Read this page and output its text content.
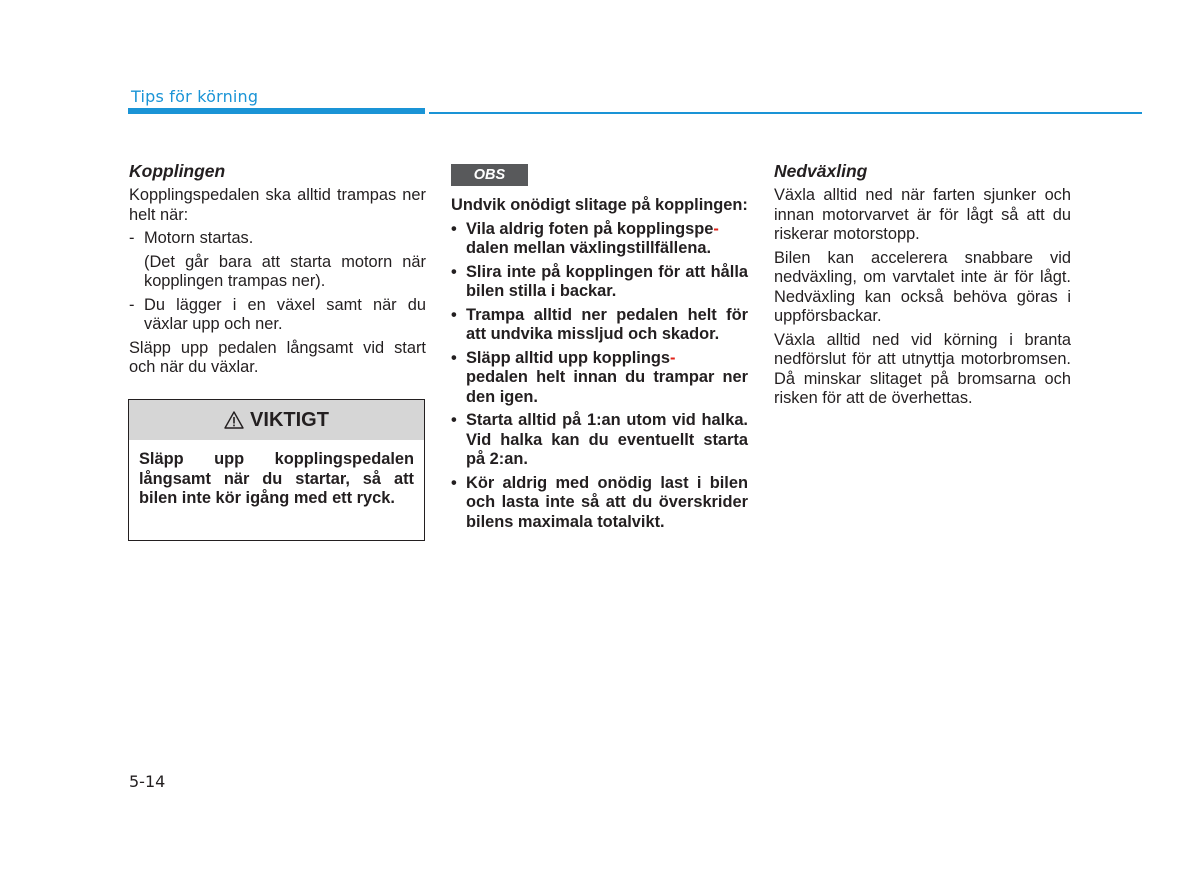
Tips för körning
Kopplingen

Kopplingspedalen ska alltid trampas ner helt när:

- Motorn startas.
(Det går bara att starta motorn när kopplingen trampas ner).
- Du lägger i en växel samt när du växlar upp och ner.

Släpp upp pedalen långsamt vid start och när du växlar.

VIKTIGT
Släpp upp kopplingspedalen långsamt när du startar, så att bilen inte kör igång med ett ryck.
OBS
Undvik onödigt slitage på kopplingen:
• Vila aldrig foten på kopplingspe-
dalen mellan växlingstillfällena.
• Slira inte på kopplingen för att hålla bilen stilla i backar.
• Trampa alltid ner pedalen helt för att undvika misslјud och skador.
• Släpp alltid upp kopplings-
pedalen helt innan du trampar ner den igen.
• Starta alltid på 1:an utom vid halka. Vid halka kan du eventuellt starta på 2:an.
• Kör aldrig med onödig last i bilen och lasta inte så att du överskrider bilens maximala totalvikt.
Nedväxling

Växla alltid ned när farten sjunker och innan motorvarvet är för lågt så att du riskerar motorstopp.

Bilen kan accelerera snabbare vid nedväxling, om varvtalet inte är för lågt. Nedväxling kan också behöva göras i uppförsbackar.

Växla alltid ned vid körning i branta nedförslut för att utnyttja motorbromsen. Då minskar slitaget på bromsarna och risken för att de överhettas.

5-14
